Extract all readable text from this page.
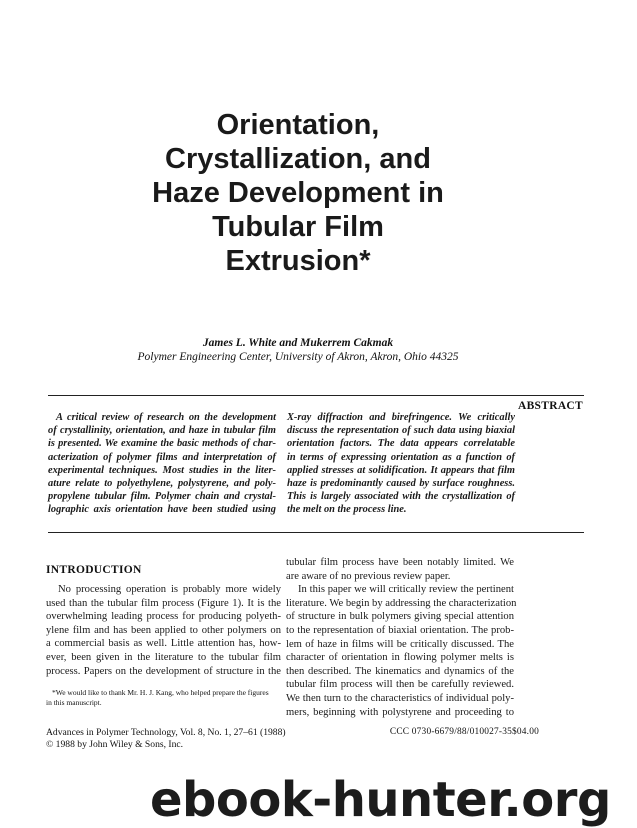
Orientation,
Crystallization, and
Haze Development in
Tubular Film
Extrusion*
James L. White and Mukerrem Cakmak
Polymer Engineering Center, University of Akron, Akron, Ohio 44325
ABSTRACT
A critical review of research on the development
of crystallinity, orientation, and haze in tubular film
is presented. We examine the basic methods of char-
acterization of polymer films and interpretation of
experimental techniques. Most studies in the liter-
ature relate to polyethylene, polystyrene, and poly-
propylene tubular film. Polymer chain and crystal-
lographic axis orientation have been studied using
X-ray diffraction and birefringence. We critically
discuss the representation of such data using biaxial
orientation factors. The data appears correlatable
in terms of expressing orientation as a function of
applied stresses at solidification. It appears that film
haze is predominantly caused by surface roughness.
This is largely associated with the crystallization of
the melt on the process line.
INTRODUCTION
No processing operation is probably more widely
used than the tubular film process (Figure 1). It is the
overwhelming leading process for producing polyeth-
ylene film and has been applied to other polymers on
a commercial basis as well. Little attention has, how-
ever, been given in the literature to the tubular film
process. Papers on the development of structure in the
tubular film process have been notably limited. We
are aware of no previous review paper.
In this paper we will critically review the pertinent
literature. We begin by addressing the characterization
of structure in bulk polymers giving special attention
to the representation of biaxial orientation. The prob-
lem of haze in films will be critically discussed. The
character of orientation in flowing polymer melts is
then described. The kinematics and dynamics of the
tubular film process will then be carefully reviewed.
We then turn to the characteristics of individual poly-
mers, beginning with polystyrene and proceeding to
*We would like to thank Mr. H. J. Kang, who helped prepare the figures
in this manuscript.
Advances in Polymer Technology, Vol. 8, No. 1, 27–61 (1988)
© 1988 by John Wiley & Sons, Inc.
CCC 0730-6679/88/010027-35$04.00
ebook-hunter.org
